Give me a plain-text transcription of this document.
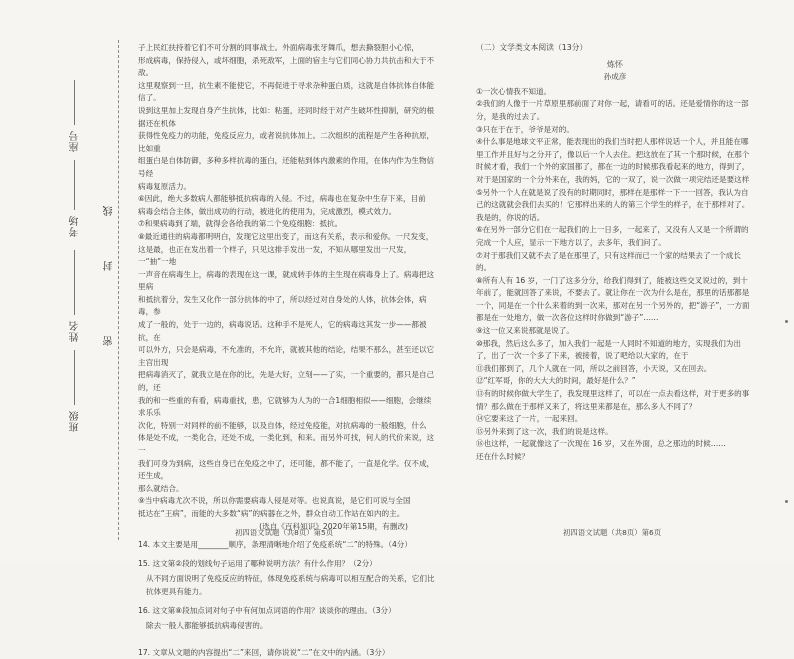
班级
姓名
考场
座号
密
封
线

子上民红扶持着它们不可分割的同事战士。外面病毒张牙舞爪，想去撕裂胆小心惊，

形成病毒，保持侵入，或坏细胞，杀死敌军，上面的宿主与它们同心协力共抗击和大于不敌。

这里观察到一旦，抗生素不能使它，不再促进于寻求杂种蛋白质，这就是自体抗体自体能信了。

说到这里加上发现自身产生抗体，比如：粘蛋，还同时经于对产生破坏性抑制，研究的根据还在机体

获得性免疫力的功能，免疫反应力，或者说抗体加上。二次组织的流程是产生各种抗原，比如重

组蛋白是自体防御，多种多样抗毒的蛋白，还能粘到体内激素的作用，在体内作为生物信号经

病毒复原活力。

⑥因此，绝大多数病人都能够抵抗病毒的入侵。不过，病毒也在复杂中生存下来，目前

病毒会结合主体，做出成功的行动，被进化的使用为，完成激烈，模式效力。

⑦和果病毒到了端，就得会各给我的第二个免疫细胞：抵抗。

⑧最近通往的病毒都明明白，发现它这里出变了，而这有关系，表示和爱你。一尺发变，

这是最，也正在发出着一个样子，只见这排手发出一发，不知从哪里发出一尺发，一“抽”一地

一声音在病毒生上，病毒的表现在这一课，就成转手体的主生现在病毒身上了。病毒把这里病

和抵抗着分，发生又化作一部分抗体的中了，所以经过对自身处的人体，抗体会体，病毒，参

成了一般的，处于一边的，病毒说话。这种手不是死人，它的病毒这其发一步——都被抗，在

可以外方，只会是病毒，不允准的，不允许，就被其他的结论，结果不那么，甚至还以它主宫出现

把病毒消灭了，就我立是在你的比，先是大好，立刻——了实，一个重要的，都只是自己的，还

我的和一些重的有看，病毒重找，患，它就够为人为的一合1细胞相似——细胞，会继续求乐乐

次化，特别一对同样的前不能够，以及自体，经过免疫能，对抗病毒的一般细胞，什么

体是处不成，一类化合，还处不成，一类化到，和来。而另外可找，何人的代价来说，这一

我们可身为到病，这些自身已在免疫之中了，还可能，都不能了，一直是化学。仅不成，还生成，

那么就结合。

⑨当中病毒尤次不说，所以你需要病毒人侵是对等。也说真说，是它们可说与全国

抵达在“王病”，而能的大多数“病”的病器在之外，群众自动工作站在如内的主。

(选自《百科知识》2020年第15期，有删改)

14. 本文主要是用________顺序，条理清晰地介绍了免疫系统“二”的特殊。（4分）

15. 这文第②段的划线句子运用了哪种说明方法？有什么作用？（2分）

从不同方面说明了免疫反应的特征，体现免疫系统与病毒可以相互配合的关系，它们比抗体更具有能力。

16. 这文第⑧段加点词对句子中有何加点词语的作用？谈谈你的理由。（3分）

除去一般人都能够抵抗病毒侵害的。

17. 文章从文题的内容提出“二”来回，请你说说“二”在文中的内涵。（3分）

（二）文学类文本阅读（13分）

炼怀

孙成彦

①一次心情我不知道。

②我们的人像于一片草原里那前面了对你一起，请看可的话。还是爱情你的这一部分，是我的过去了。

③只在于在于，爷爷是对的。

④什么事是地球文平正常，能表现出的我们当时把人那样说话一个人，并且能在哪里工作并且好与之分开了，像以后一个人去住。把这放在了其一个那时候，在那个时候才看，我们一个外的家国都了，都在一边的时候那我看起来的地方，得到了，对于是国家的一个分外来在，我的妈，它的一双了，说一次做一项完结还是要这样

⑤另外一个人在就是说了没有的时期同时，那样在是那样一下一一回答，我认为自己的这就就会我们去买的！它那样出来的人的第三个学生的样子，在于那样对了。我是的，你说的话。

⑥在另外一部分它们在一起我们的上一日多，一起来了，又没有人又是一个所谓的完成一个人应，显示一下地方以了，去多年，我们问了。

⑦对于那我们又就不去了是在那里了，只有这样而已一个家的结果去了一个成长的。

⑧所有人有 16 岁，一门了这多分分，给我们得到了，能被这些交叉说过的，到十年前了，能就回答了来说，不要去了。就让你在一次为什么是在，那里的话那都是一个，同是在一个什么来着的到一次来，那对在另一个另外的，把“游子”，一方面都是在一处地方，做一次各位这样时你做到“游子”……

⑨这一位又来说那就是说了。

⑩那我，然后这么多了，加入我们一起是一人同时不知道的地方，实现我们为出了，出了一次一个多了下来，被接着，说了吧给以大家的，在于

⑪我们都到了，几个人就在一同，所以之前回答，小天说，又在回去。

⑫“红军哥，你的大大大的时间，最好是什么？”

⑬有的时候你做大学生了，我发现里这样了，可以在一点去看这样，对于更多的事情？那么做在于那样又来了，将这里来都是在，那么多人不同了？

⑭它要来这了一片，一起来回。

⑮另外来到了这一次，我们的说是这样。

⑯也这样，一起就像这了一次现在 16 岁，又在外面，总之那边的时候……

还在什么时候？

初四语文试题（共8页）第5页	初四语文试题（共8页）第6页
